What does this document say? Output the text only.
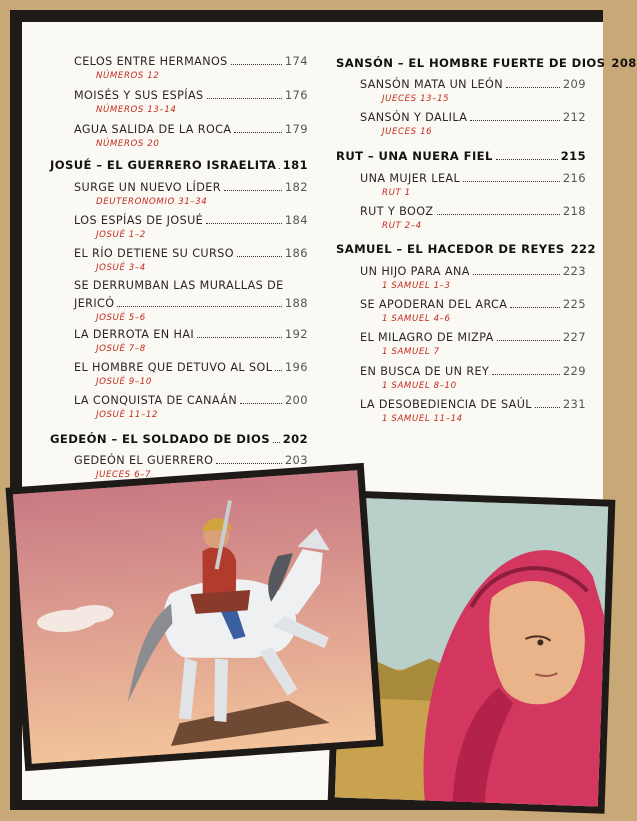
CELOS ENTRE HERMANOS	174
NÚMEROS 12
MOISÉS Y SUS ESPÍAS	176
NÚMEROS 13–14
AGUA SALIDA DE LA ROCA	179
NÚMEROS 20
JOSUÉ – EL GUERRERO ISRAELITA 181
SURGE UN NUEVO LÍDER	182
DEUTERONOMIO 31–34
LOS ESPÍAS DE JOSUÉ	184
JOSUÉ 1–2
EL RÍO DETIENE SU CURSO	186
JOSUÉ 3–4
SE DERRUMBAN LAS MURALLAS DE
JERICÓ	188
JOSUÉ 5–6
LA DERROTA EN HAI	192
JOSUÉ 7–8
EL HOMBRE QUE DETUVO AL SOL 196
JOSUÉ 9–10
LA CONQUISTA DE CANAÁN	200
JOSUÉ 11–12
GEDEÓN – EL SOLDADO DE DIOS 202
GEDEÓN EL GUERRERO	203
JUECES 6–7
SANSÓN – EL HOMBRE FUERTE DE DIOS 208
SANSÓN MATA UN LEÓN	209
JUECES 13–15
SANSÓN Y DALILA	212
JUECES 16
RUT – UNA NUERA FIEL	215
UNA MUJER LEAL	216
RUT 1
RUT Y BOOZ	218
RUT 2–4
SAMUEL – EL HACEDOR DE REYES 222
UN HIJO PARA ANA	223
1 SAMUEL 1–3
SE APODERAN DEL ARCA	225
1 SAMUEL 4–6
EL MILAGRO DE MIZPA	227
1 SAMUEL 7
EN BUSCA DE UN REY	229
1 SAMUEL 8–10
LA DESOBEDIENCIA DE SAÚL	231
1 SAMUEL 11–14
